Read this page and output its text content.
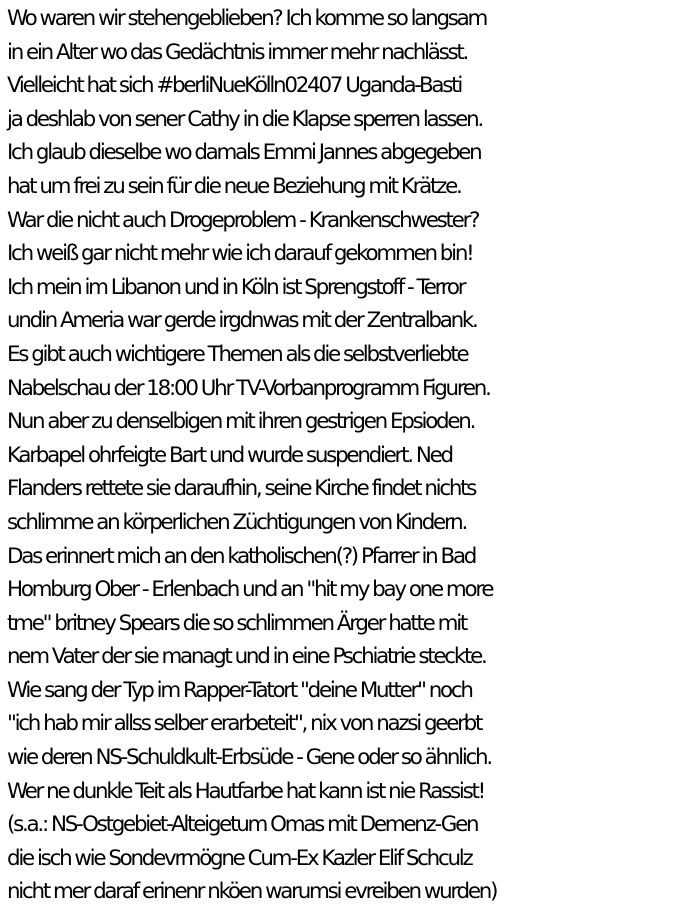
Wo waren wir stehengeblieben? Ich komme so langsam
in ein Alter wo das Gedächtnis immer mehr nachlässt.
Vielleicht hat sich #berliNueKölln02407 Uganda-Basti
ja deshlab von sener Cathy in die Klapse sperren lassen.
Ich glaub dieselbe wo damals Emmi Jannes abgegeben
hat um frei zu sein für die neue Beziehung mit Krätze.
War die nicht auch Drogeproblem - Krankenschwester?
Ich weiß gar nicht mehr wie ich darauf gekommen bin!
Ich mein im Libanon und in Köln ist Sprengstoff - Terror
undin Ameria war gerde irgdnwas mit der Zentralbank.
Es gibt auch wichtigere Themen als die selbstverliebte
Nabelschau der 18:00 Uhr TV-Vorbanprogramm Figuren.
Nun aber zu denselbigen mit ihren gestrigen Epsioden.
Karbapel ohrfeigte Bart und wurde suspendiert. Ned
Flanders rettete sie daraufhin, seine Kirche findet nichts
schlimme an körperlichen Züchtigungen von Kindern.
Das erinnert mich an den katholischen(?) Pfarrer in Bad
Homburg Ober - Erlenbach und an "hit my bay one more
tme" britney Spears die so schlimmen Ärger hatte mit
nem Vater der sie managt und in eine Pschiatrie steckte.
Wie sang der Typ im Rapper-Tatort "deine Mutter" noch
"ich hab mir allss selber erarbeteit", nix von nazsi geerbt
wie deren NS-Schuldkult-Erbsüde - Gene oder so ähnlich.
Wer ne dunkle Teit als Hautfarbe hat kann ist nie Rassist!
(s.a.: NS-Ostgebiet-Alteigetum Omas mit Demenz-Gen
die isch wie Sondevrmögne Cum-Ex Kazler Elif Schculz
nicht mer daraf erinenr nköen warumsi evreiben wurden)
